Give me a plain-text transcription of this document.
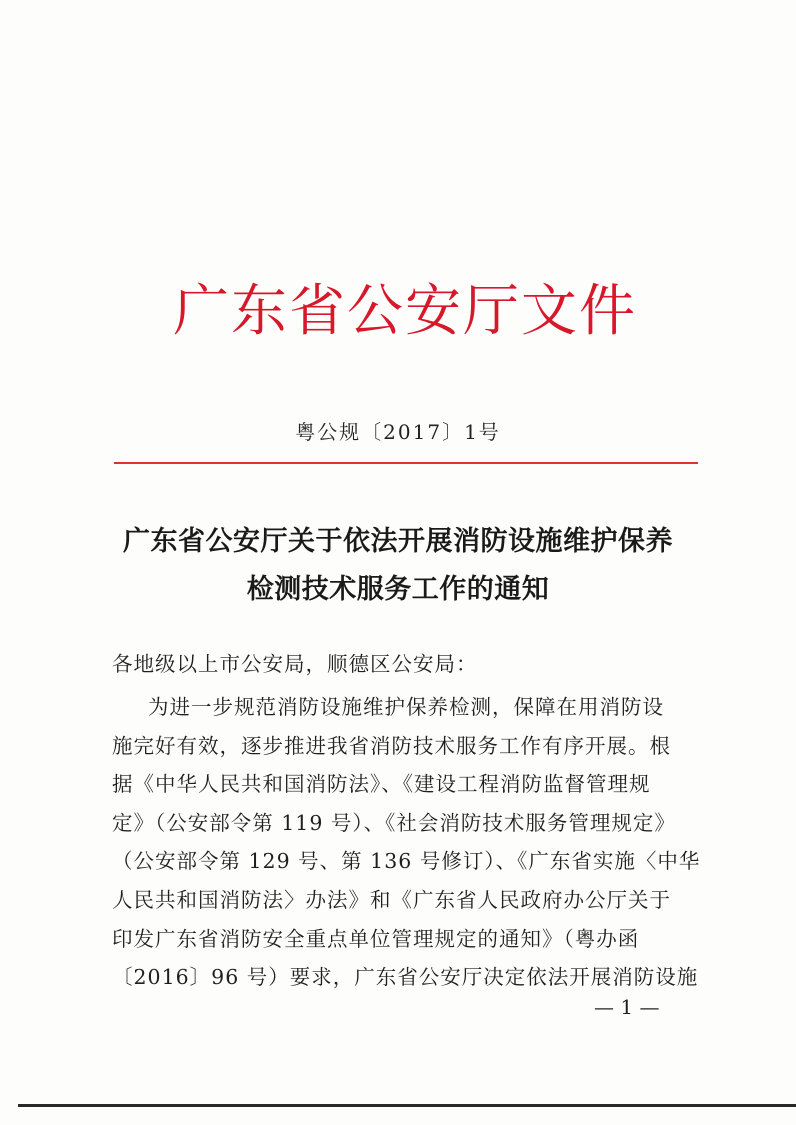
广东省公安厅文件
粤公规〔2017〕1号
广东省公安厅关于依法开展消防设施维护保养
检测技术服务工作的通知
各地级以上市公安局，顺德区公安局：
为进一步规范消防设施维护保养检测，保障在用消防设
施完好有效，逐步推进我省消防技术服务工作有序开展。根
据《中华人民共和国消防法》、《建设工程消防监督管理规
定》（公安部令第 119 号）、《社会消防技术服务管理规定》
（公安部令第 129 号、第 136 号修订）、《广东省实施〈中华
人民共和国消防法〉办法》和《广东省人民政府办公厅关于
印发广东省消防安全重点单位管理规定的通知》（粤办函
〔2016〕96 号）要求，广东省公安厅决定依法开展消防设施
— 1 —
